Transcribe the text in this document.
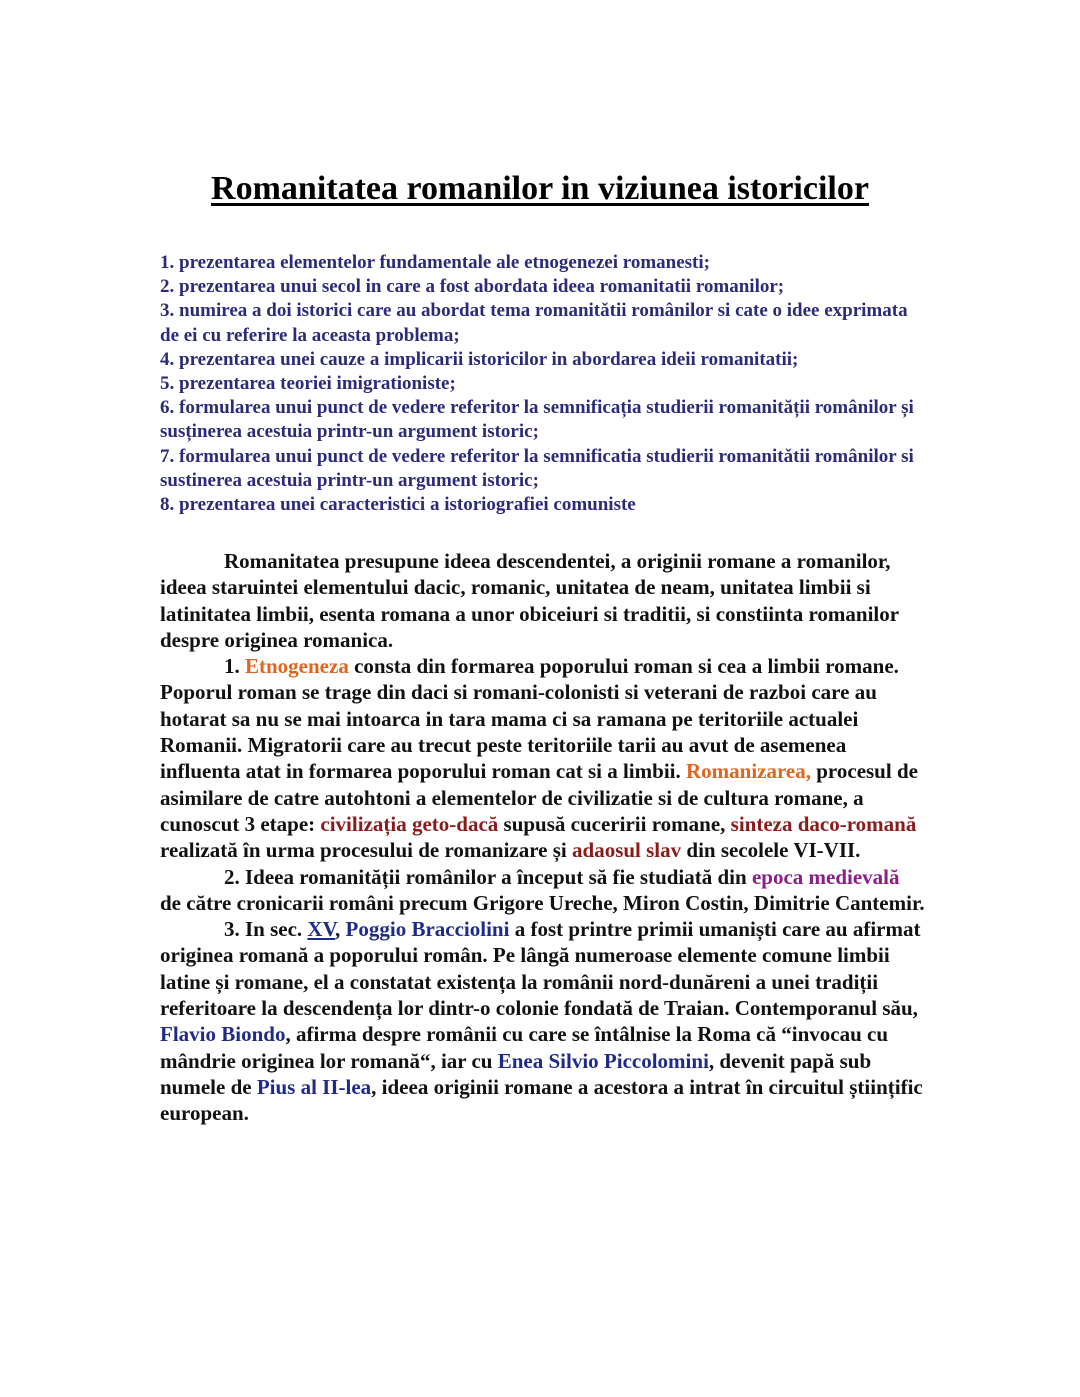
Romanitatea romanilor in viziunea istoricilor
1. prezentarea elementelor fundamentale ale etnogenezei romanesti;
2. prezentarea unui secol in care a fost abordata ideea romanitatii romanilor;
3. numirea a doi istorici care au abordat tema romanitǎtii românilor si cate o idee exprimata de ei cu referire la aceasta problema;
4. prezentarea unei cauze a implicarii istoricilor in abordarea ideii romanitatii;
5. prezentarea teoriei imigrationiste;
6. formularea unui punct de vedere referitor la semnificația studierii romanității românilor și susținerea acestuia printr-un argument istoric;
7. formularea unui punct de vedere referitor la semnificatia studierii romanitǎtii românilor si sustinerea acestuia printr-un argument istoric;
8. prezentarea unei caracteristici a istoriografiei comuniste

Romanitatea presupune ideea descendentei, a originii romane a romanilor, ideea staruintei elementului dacic, romanic, unitatea de neam, unitatea limbii si latinitatea limbii, esenta romana a unor obiceiuri si traditii, si constiinta romanilor despre originea romanica.

1. Etnogeneza consta din formarea poporului roman si cea a limbii romane. Poporul roman se trage din daci si romani-colonisti si veterani de razboi care au hotarat sa nu se mai intoarca in tara mama ci sa ramana pe teritoriile actualei Romanii. Migratorii care au trecut peste teritoriile tarii au avut de asemenea influenta atat in formarea poporului roman cat si a limbii. Romanizarea, procesul de asimilare de catre autohtoni a elementelor de civilizatie si de cultura romane, a cunoscut 3 etape: civilizația geto-dacă supusă cuceririi romane, sinteza daco-romană realizată în urma procesului de romanizare și adaosul slav din secolele VI-VII.

2. Ideea romanității românilor a început să fie studiată din epoca medievală de către cronicarii români precum Grigore Ureche, Miron Costin, Dimitrie Cantemir.

3. In sec. XV, Poggio Bracciolini a fost printre primii umaniști care au afirmat originea romană a poporului român. Pe lângă numeroase elemente comune limbii latine și romane, el a constatat existența la românii nord-dunăreni a unei tradiții referitoare la descendența lor dintr-o colonie fondată de Traian. Contemporanul său, Flavio Biondo, afirma despre românii cu care se întâlnise la Roma că “invocau cu mândrie originea lor romană“, iar cu Enea Silvio Piccolomini, devenit papă sub numele de Pius al II-lea, ideea originii romane a acestora a intrat în circuitul științific european.
